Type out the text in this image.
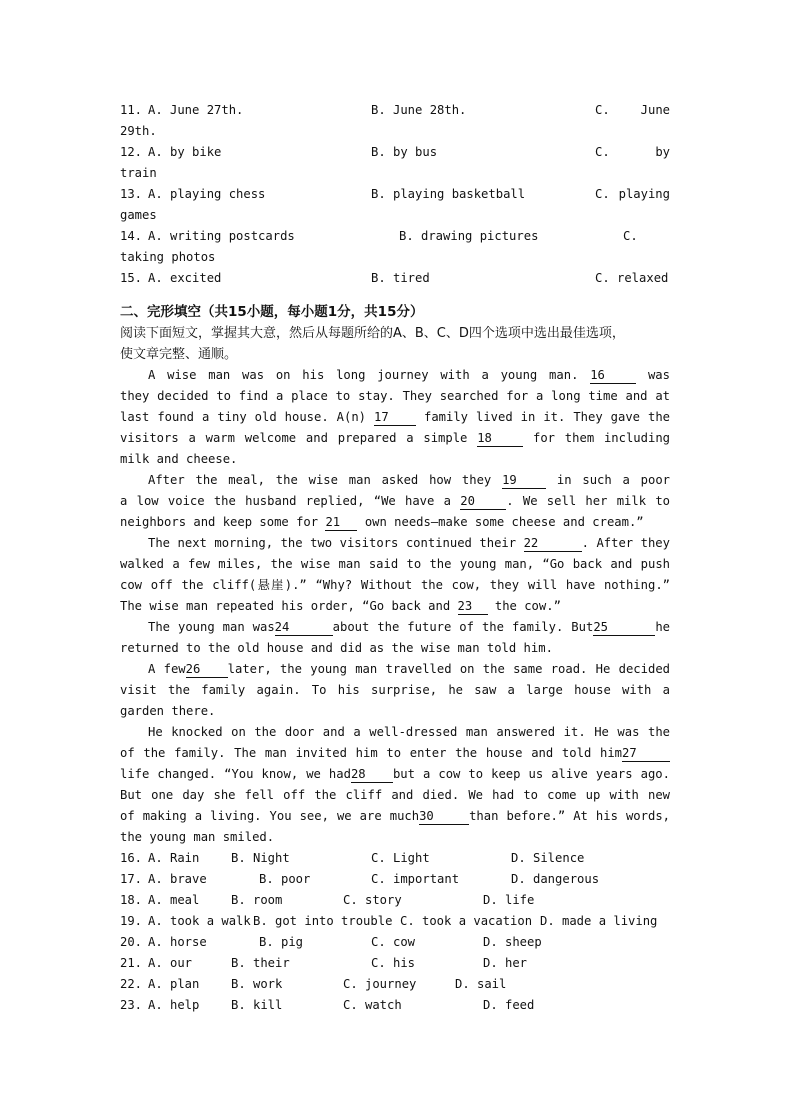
11. A. June 27th.	B. June 28th.	C.	June
29th.
12. A. by bike	B. by bus	C.	by
train
13. A. playing chess	B. playing basketball	C. playing
games
14. A. writing postcards	B. drawing pictures	C.
taking photos
15. A. excited	B. tired	C. relaxed
二、完形填空（共15小题，每小题1分，共15分）
阅读下面短文，掌握其大意，然后从每题所给的A、B、C、D四个选项中选出最佳选项，
使文章完整、通顺。
A wise man was on his long journey with a young man. 16	was
they decided to find a place to stay. They searched for a long time and at
last found a tiny old house. A(n) 17	family lived in it. They gave the
visitors a warm welcome and prepared a simple 18	for them including
milk and cheese.
After the meal, the wise man asked how they 19	in such a poor
a low voice the husband replied, “We have a 20	. We sell her milk to
neighbors and keep some for 21 own needs—make some cheese and cream.”
The next morning, the two visitors continued their 22	. After they
walked a few miles, the wise man said to the young man, “Go back and push
cow off the cliff(悬崖).” “Why? Without the cow, they will have nothing.”
The wise man repeated his order, “Go back and 23 the cow.”
The young man was24	about the future of the family. But25	he
returned to the old house and did as the wise man told him.
A few26 later, the young man travelled on the same road. He decided
visit the family again. To his surprise, he saw a large house with a
garden there.
He knocked on the door and a well-dressed man answered it. He was the
of the family. The man invited him to enter the house and told him27
life changed. “You know, we had28 but a cow to keep us alive years ago.
But one day she fell off the cliff and died. We had to come up with new
of making a living. You see, we are much30	than before.” At his words,
the young man smiled.
16. A. Rain	B. Night	C. Light	D. Silence
17. A. brave	B. poor	C. important	D. dangerous
18. A. meal	B. room	C. story	D. life
19. A. took a walk B. got into trouble C. took a vacation D. made a living
20. A. horse	B. pig	C. cow	D. sheep
21. A. our	B. their	C. his	D. her
22. A. plan	B. work	C. journey	D. sail
23. A. help	B. kill	C. watch	D. feed
